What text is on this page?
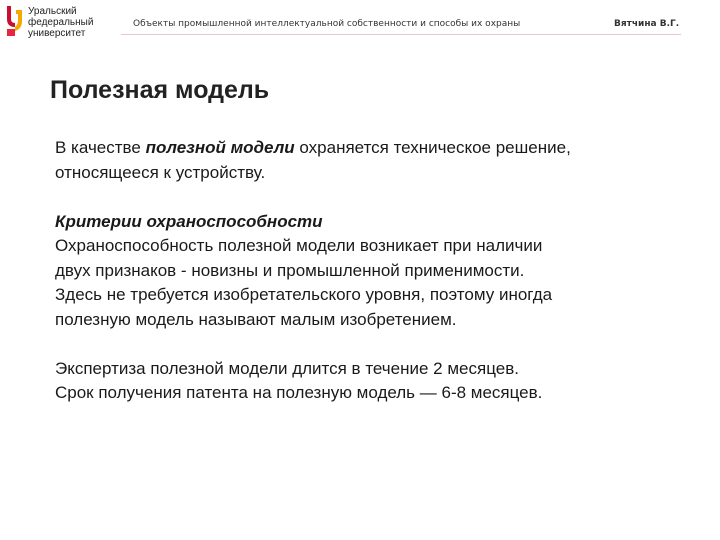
Уральский
федеральный
университет
Объекты промышленной интеллектуальной собственности и способы их охраны	Вятчина В.Г.
Полезная модель

В качестве полезной модели охраняется техническое решение,

относящееся к устройству.

Критерии охраноспособности

Охраноспособность полезной модели возникает при наличии

двух признаков - новизны и промышленной применимости.

Здесь не требуется изобретательского уровня, поэтому иногда

полезную модель называют малым изобретением.

Экспертиза полезной модели длится в течение 2 месяцев.

Срок получения патента на полезную модель — 6-8 месяцев.
